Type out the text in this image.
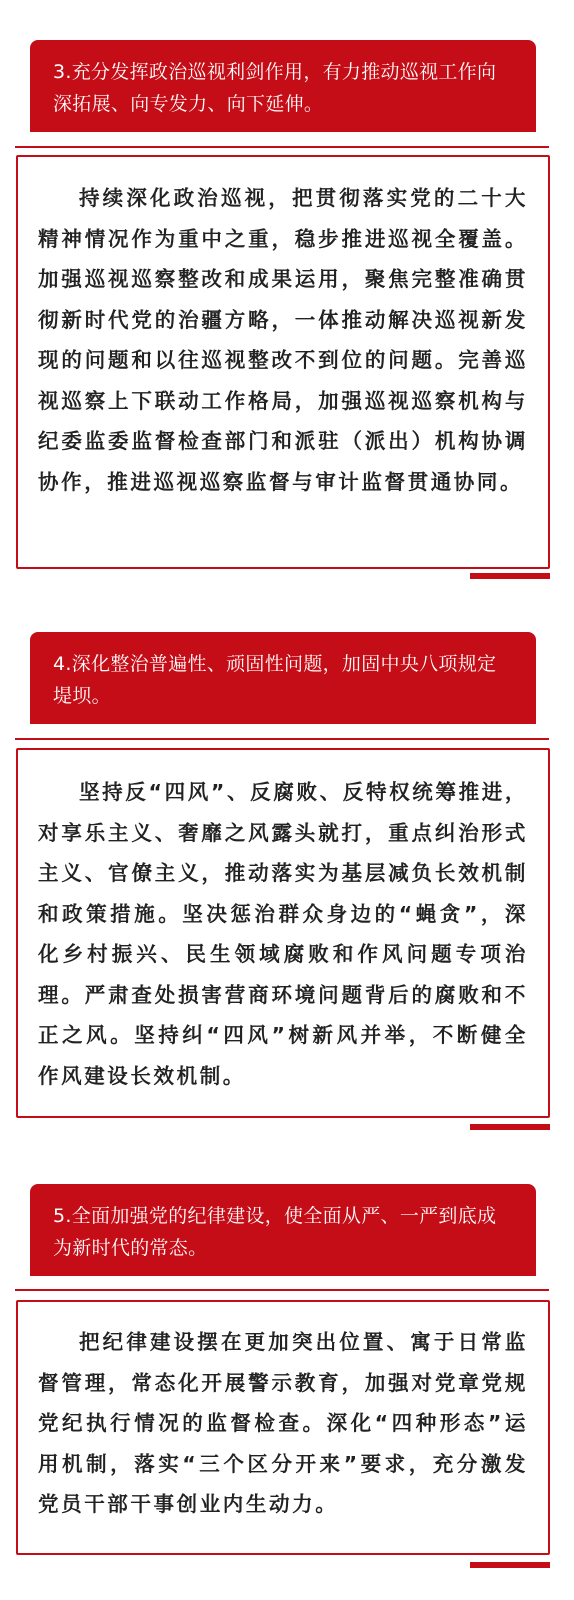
3.充分发挥政治巡视利剑作用，有力推动巡视工作向深拓展、向专发力、向下延伸。

持续深化政治巡视，把贯彻落实党的二十大精神情况作为重中之重，稳步推进巡视全覆盖。加强巡视巡察整改和成果运用，聚焦完整准确贯彻新时代党的治疆方略，一体推动解决巡视新发现的问题和以往巡视整改不到位的问题。完善巡视巡察上下联动工作格局，加强巡视巡察机构与纪委监委监督检查部门和派驻（派出）机构协调协作，推进巡视巡察监督与审计监督贯通协同。

4.深化整治普遍性、顽固性问题，加固中央八项规定堤坝。

坚持反“四风”、反腐败、反特权统筹推进，对享乐主义、奢靡之风露头就打，重点纠治形式主义、官僚主义，推动落实为基层减负长效机制和政策措施。坚决惩治群众身边的“蝇贪”，深化乡村振兴、民生领域腐败和作风问题专项治理。严肃查处损害营商环境问题背后的腐败和不正之风。坚持纠“四风”树新风并举，不断健全作风建设长效机制。

5.全面加强党的纪律建设，使全面从严、一严到底成为新时代的常态。

把纪律建设摆在更加突出位置、寓于日常监督管理，常态化开展警示教育，加强对党章党规党纪执行情况的监督检查。深化“四种形态”运用机制，落实“三个区分开来”要求，充分激发党员干部干事创业内生动力。
